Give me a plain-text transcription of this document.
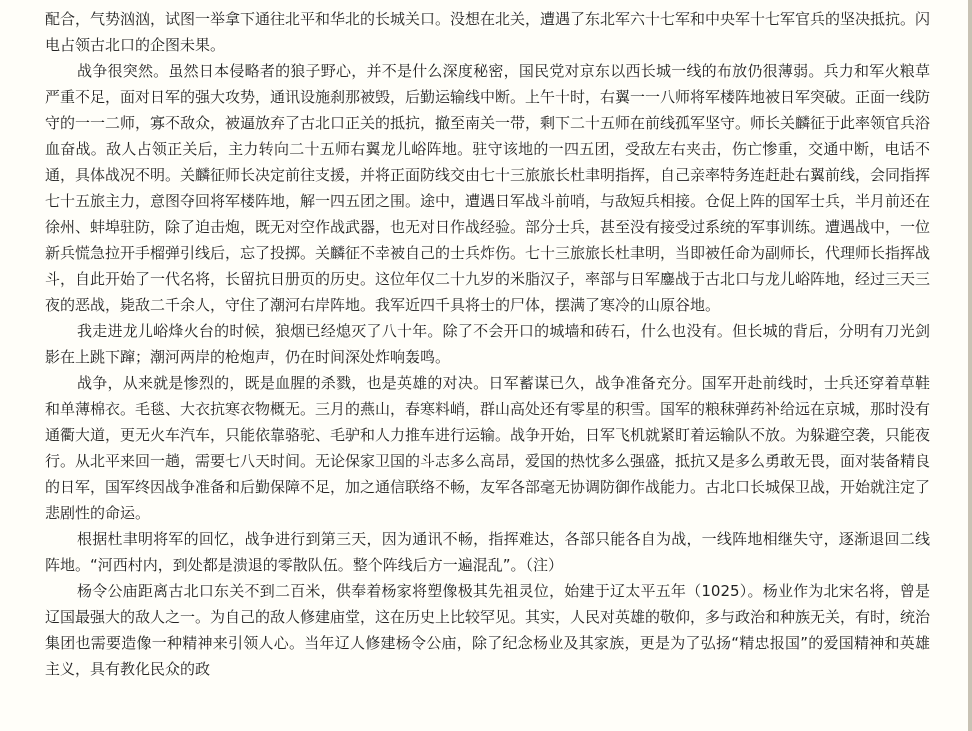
配合，气势汹汹，试图一举拿下通往北平和华北的长城关口。没想在北关，遭遇了东北军六十七军和中央军十七军官兵的坚决抵抗。闪电占领古北口的企图未果。

战争很突然。虽然日本侵略者的狼子野心，并不是什么深度秘密，国民党对京东以西长城一线的布放仍很薄弱。兵力和军火粮草严重不足，面对日军的强大攻势，通讯设施刹那被毁，后勤运输线中断。上午十时，右翼一一八师将军楼阵地被日军突破。正面一线防守的一一二师，寡不敌众，被逼放弃了古北口正关的抵抗，撤至南关一带，剩下二十五师在前线孤军坚守。师长关麟征于此率领官兵浴血奋战。敌人占领正关后，主力转向二十五师右翼龙儿峪阵地。驻守该地的一四五团，受敌左右夹击，伤亡惨重，交通中断，电话不通，具体战况不明。关麟征师长决定前往支援，并将正面防线交由七十三旅旅长杜聿明指挥，自己亲率特务连赶赴右翼前线，会同指挥七十五旅主力，意图夺回将军楼阵地，解一四五团之围。途中，遭遇日军战斗前哨，与敌短兵相接。仓促上阵的国军士兵，半月前还在徐州、蚌埠驻防，除了迫击炮，既无对空作战武器，也无对日作战经验。部分士兵，甚至没有接受过系统的军事训练。遭遇战中，一位新兵慌急拉开手榴弹引线后，忘了投掷。关麟征不幸被自己的士兵炸伤。七十三旅旅长杜聿明，当即被任命为副师长，代理师长指挥战斗，自此开始了一代名将，长留抗日册页的历史。这位年仅二十九岁的米脂汉子，率部与日军鏖战于古北口与龙儿峪阵地，经过三天三夜的恶战，毙敌二千余人，守住了潮河右岸阵地。我军近四千具将士的尸体，摆满了寒冷的山原谷地。

我走进龙儿峪烽火台的时候，狼烟已经熄灭了八十年。除了不会开口的城墙和砖石，什么也没有。但长城的背后，分明有刀光剑影在上跳下蹿；潮河两岸的枪炮声，仍在时间深处炸响轰鸣。

战争，从来就是惨烈的，既是血腥的杀戮，也是英雄的对决。日军蓄谋已久，战争准备充分。国军开赴前线时，士兵还穿着草鞋和单薄棉衣。毛毯、大衣抗寒衣物概无。三月的燕山，春寒料峭，群山高处还有零星的积雪。国军的粮秣弹药补给远在京城，那时没有通衢大道，更无火车汽车，只能依靠骆驼、毛驴和人力推车进行运输。战争开始，日军飞机就紧盯着运输队不放。为躲避空袭，只能夜行。从北平来回一趟，需要七八天时间。无论保家卫国的斗志多么高昂，爱国的热忱多么强盛，抵抗又是多么勇敢无畏，面对装备精良的日军，国军终因战争准备和后勤保障不足，加之通信联络不畅，友军各部毫无协调防御作战能力。古北口长城保卫战，开始就注定了悲剧性的命运。

根据杜聿明将军的回忆，战争进行到第三天，因为通讯不畅，指挥难达，各部只能各自为战，一线阵地相继失守，逐渐退回二线阵地。“河西村内，到处都是溃退的零散队伍。整个阵线后方一遍混乱”。（注）

杨令公庙距离古北口东关不到二百米，供奉着杨家将塑像极其先祖灵位，始建于辽太平五年（1025）。杨业作为北宋名将，曾是辽国最强大的敌人之一。为自己的敌人修建庙堂，这在历史上比较罕见。其实，人民对英雄的敬仰，多与政治和种族无关，有时，统治集团也需要造像一种精神来引领人心。当年辽人修建杨令公庙，除了纪念杨业及其家族，更是为了弘扬“精忠报国”的爱国精神和英雄主义，具有教化民众的政
